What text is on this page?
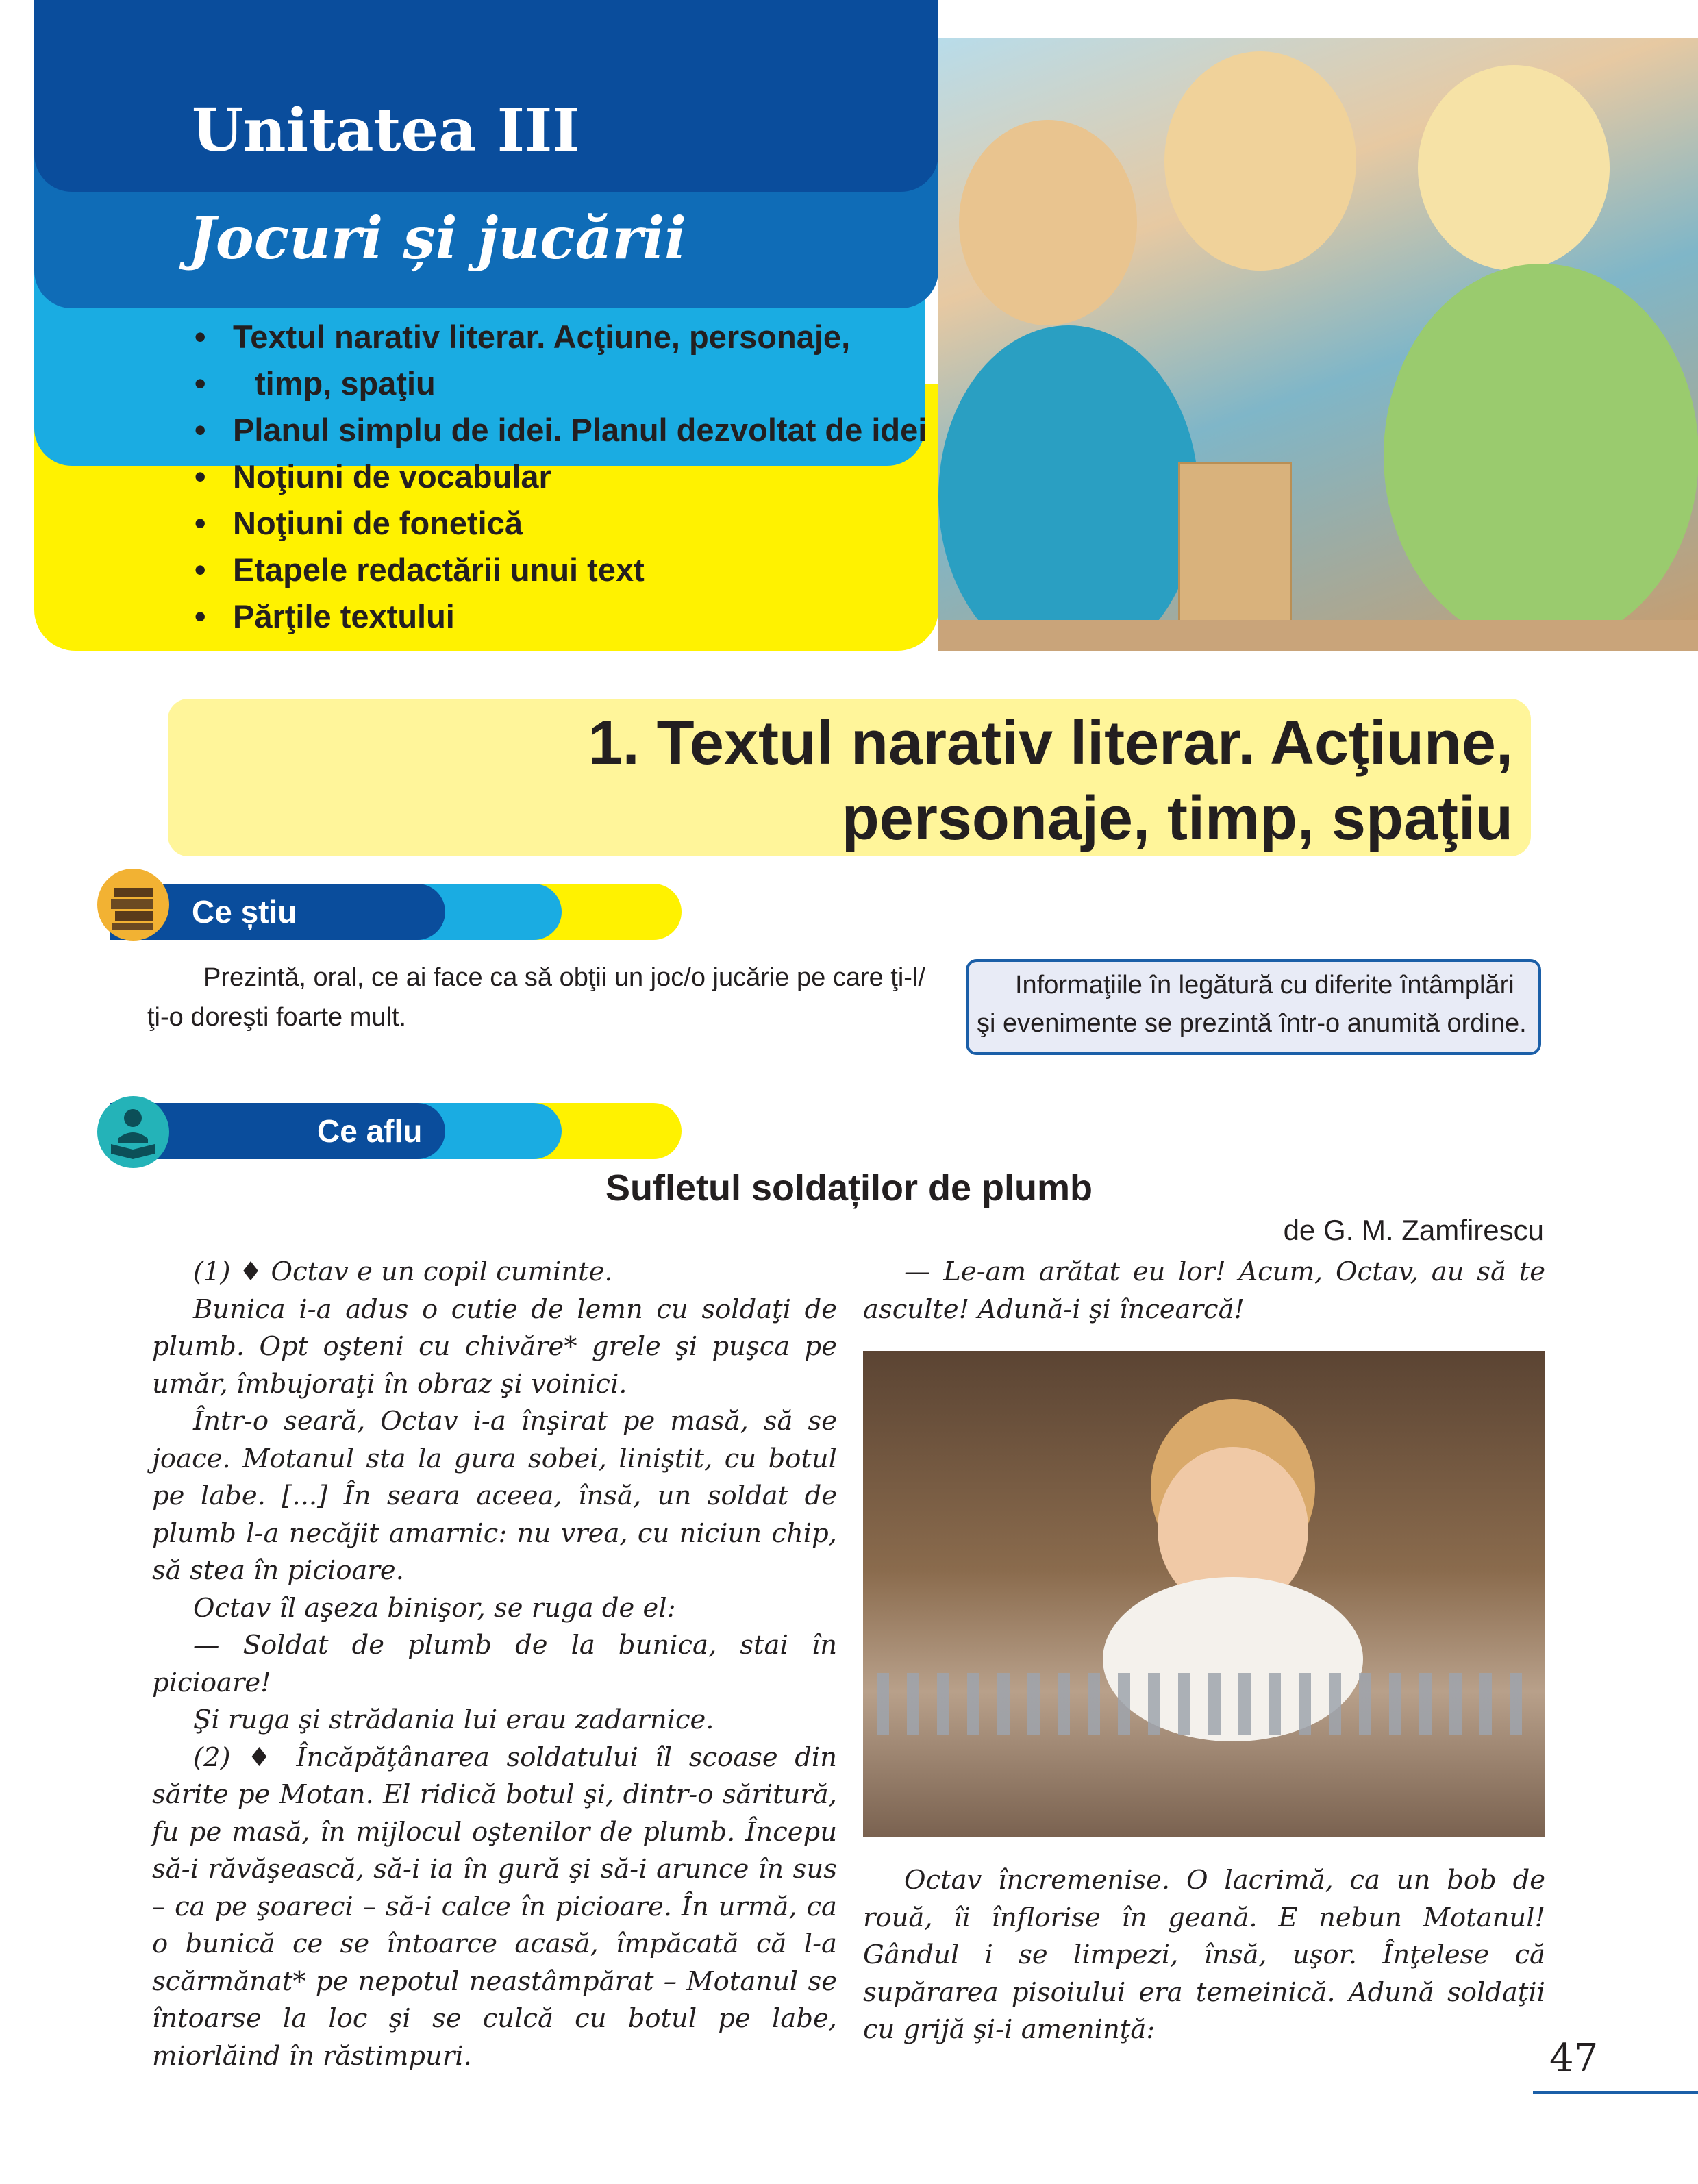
Unitatea III
Jocuri și jucării
• Textul narativ literar. Acţiune, personaje,
• timp, spaţiu
• Planul simplu de idei. Planul dezvoltat de idei
• Noţiuni de vocabular
• Noţiuni de fonetică
• Etapele redactării unui text
• Părţile textului
1. Textul narativ literar. Acţiune,
personaje, timp, spaţiu
Ce știu
Prezintă, oral, ce ai face ca să obţii un joc/o jucărie pe care ţi-l/ ţi-o doreşti foarte mult.
Informaţiile în legătură cu diferite întâmplări şi evenimente se prezintă într-o anumită ordine.
Ce aflu
Sufletul soldaților de plumb
de G. M. Zamfirescu

(1) ♦ Octav e un copil cuminte.

Bunica i-a adus o cutie de lemn cu soldaţi de plumb. Opt oşteni cu chivăre* grele şi puşca pe umăr, îmbujoraţi în obraz şi voinici.

Într-o seară, Octav i-a înşirat pe masă, să se joace. Motanul sta la gura sobei, liniştit, cu botul pe labe. [...] În seara aceea, însă, un soldat de plumb l-a necăjit amarnic: nu vrea, cu niciun chip, să stea în picioare.

Octav îl aşeza binişor, se ruga de el:

— Soldat de plumb de la bunica, stai în picioare!

Şi ruga şi strădania lui erau zadarnice.

(2) ♦ Încăpăţânarea soldatului îl scoase din sărite pe Motan. El ridică botul şi, dintr-o săritură, fu pe masă, în mijlocul oştenilor de plumb. Începu să-i răvăşească, să-i ia în gură şi să-i arunce în sus – ca pe şoareci – să-i calce în picioare. În urmă, ca o bunică ce se întoarce acasă, împăcată că l-a scărmănat* pe nepotul neastâmpărat – Motanul se întoarse la loc şi se culcă cu botul pe labe, miorlăind în răstimpuri.

— Le-am arătat eu lor! Acum, Octav, au să te asculte! Adună-i şi încearcă!

Octav încremenise. O lacrimă, ca un bob de rouă, îi înflorise în geană. E nebun Motanul! Gândul i se limpezi, însă, uşor. Înţelese că supărarea pisoiului era temeinică. Adună soldaţii cu grijă şi-i ameninţă:

47
